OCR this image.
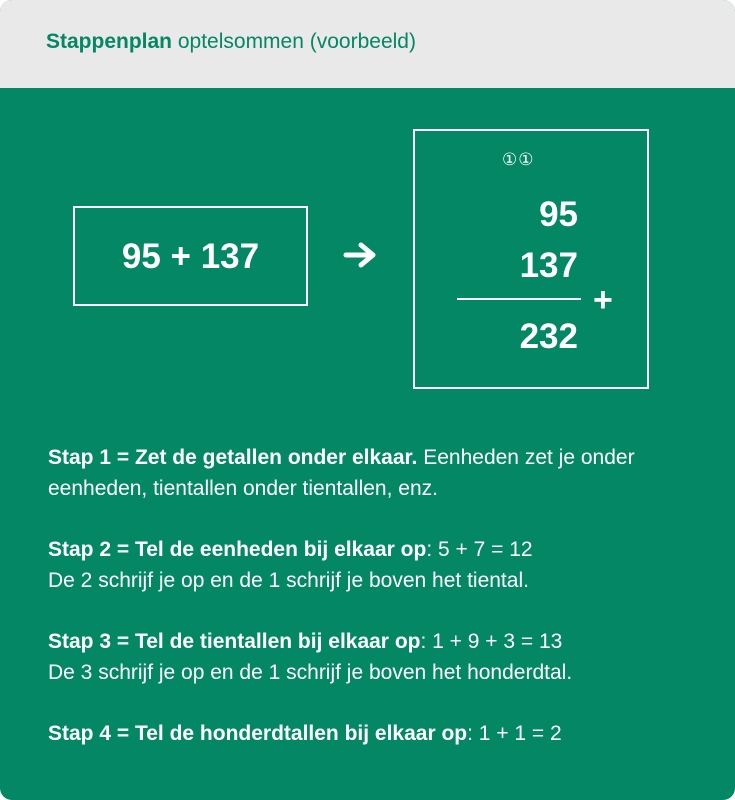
Stappenplan optelsommen (voorbeeld)
95 + 137
①①
95
137
+
232
Stap 1 = Zet de getallen onder elkaar. Eenheden zet je onder eenheden, tientallen onder tientallen, enz.
Stap 2 = Tel de eenheden bij elkaar op: 5 + 7 = 12
De 2 schrijf je op en de 1 schrijf je boven het tiental.
Stap 3 = Tel de tientallen bij elkaar op: 1 + 9 + 3 = 13
De 3 schrijf je op en de 1 schrijf je boven het honderdtal.
Stap 4 = Tel de honderdtallen bij elkaar op: 1 + 1 = 2
